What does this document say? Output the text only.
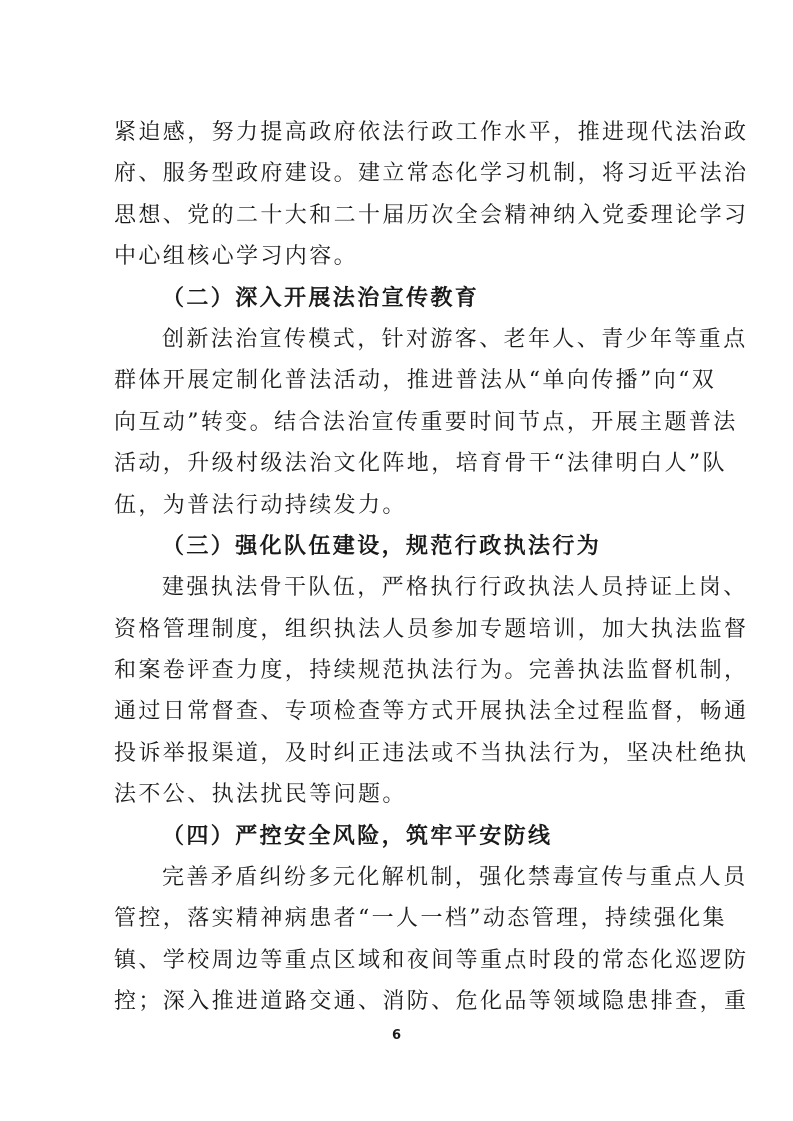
紧迫感，努力提高政府依法行政工作水平，推进现代法治政
府、服务型政府建设。建立常态化学习机制，将习近平法治
思想、党的二十大和二十届历次全会精神纳入党委理论学习
中心组核心学习内容。
（二）深入开展法治宣传教育
创新法治宣传模式，针对游客、老年人、青少年等重点
群体开展定制化普法活动，推进普法从“单向传播”向“双
向互动”转变。结合法治宣传重要时间节点，开展主题普法
活动，升级村级法治文化阵地，培育骨干“法律明白人”队
伍，为普法行动持续发力。
（三）强化队伍建设，规范行政执法行为
建强执法骨干队伍，严格执行行政执法人员持证上岗、
资格管理制度，组织执法人员参加专题培训，加大执法监督
和案卷评查力度，持续规范执法行为。完善执法监督机制，
通过日常督查、专项检查等方式开展执法全过程监督，畅通
投诉举报渠道，及时纠正违法或不当执法行为，坚决杜绝执
法不公、执法扰民等问题。
（四）严控安全风险，筑牢平安防线
完善矛盾纠纷多元化解机制，强化禁毒宣传与重点人员
管控，落实精神病患者“一人一档”动态管理，持续强化集
镇、学校周边等重点区域和夜间等重点时段的常态化巡逻防
控；深入推进道路交通、消防、危化品等领域隐患排查，重
6
